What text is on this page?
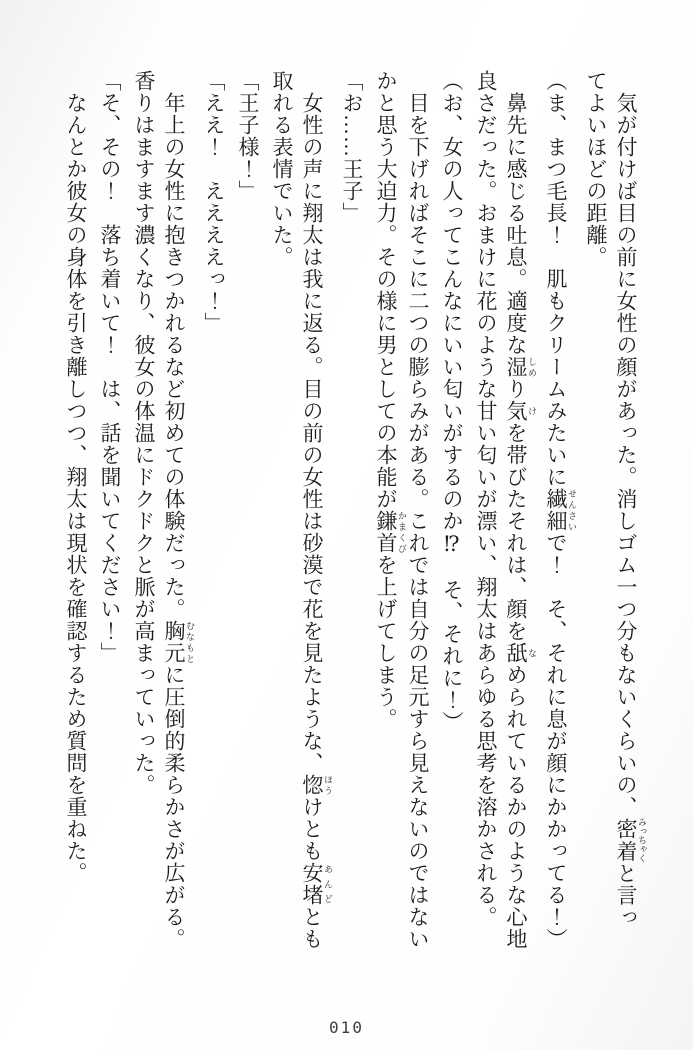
気が付けば目の前に女性の顔があった。消しゴム一つ分もないくらいの、密着 みっちゃくと言ってよいほどの距離。

（ま、まつ毛長！　肌もクリームみたいに繊細 せんさいで！　そ、それに息が顔にかかってる！）

鼻先に感じる吐息。適度な湿 しめり気 けを帯びたそれは、顔を舐 なめられているかのような心地良さだった。おまけに花のような甘い匂いが漂い、翔太はあらゆる思考を溶かされる。

（お、女の人ってこんなにいい匂いがするのか⁉　そ、それに！）

目を下げればそこに二つの膨らみがある。これでは自分の足元すら見えないのではないかと思う大迫力。その様に男としての本能が鎌首 かまくびを上げてしまう。

「お……王子」

女性の声に翔太は我に返る。目の前の女性は砂漠で花を見たような、惚 ほうけとも安堵 あんどとも取れる表情でいた。

「王子様！」

「ええ！　ええええっ！」

年上の女性に抱きつかれるなど初めての体験だった。胸元 むなもとに圧倒的柔らかさが広がる。香りはますます濃くなり、彼女の体温にドクドクと脈が高まっていった。

「そ、その！　落ち着いて！　は、話を聞いてください！」

なんとか彼女の身体を引き離しつつ、翔太は現状を確認するため質問を重ねた。

010
